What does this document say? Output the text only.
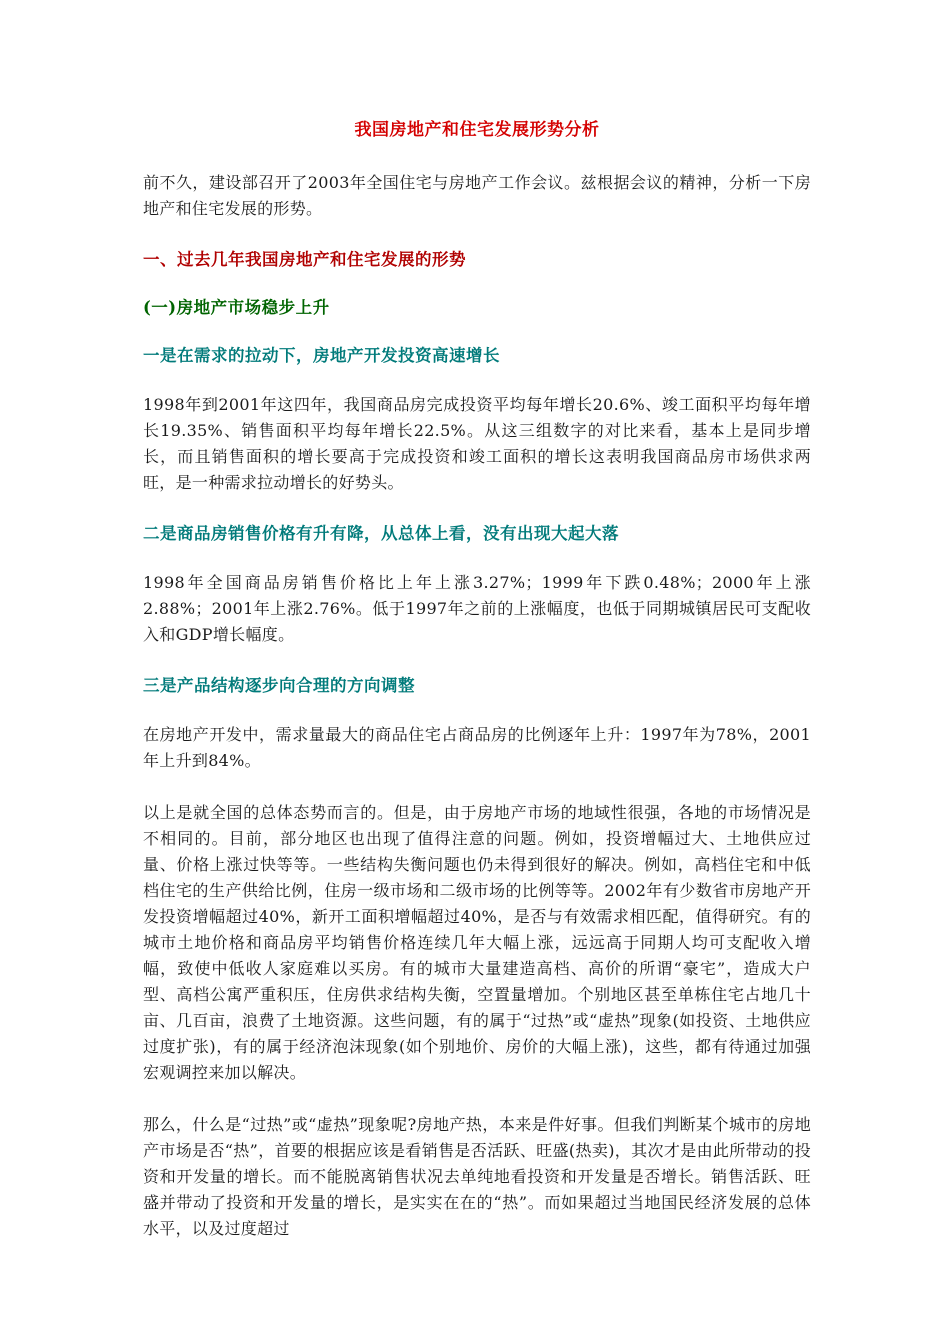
我国房地产和住宅发展形势分析

前不久，建设部召开了2003年全国住宅与房地产工作会议。兹根据会议的精神，分析一下房地产和住宅发展的形势。

一、过去几年我国房地产和住宅发展的形势
(一)房地产市场稳步上升
一是在需求的拉动下，房地产开发投资高速增长

1998年到2001年这四年，我国商品房完成投资平均每年增长20.6%、竣工面积平均每年增长19.35%、销售面积平均每年增长22.5%。从这三组数字的对比来看，基本上是同步增长，而且销售面积的增长要高于完成投资和竣工面积的增长这表明我国商品房市场供求两旺，是一种需求拉动增长的好势头。

二是商品房销售价格有升有降，从总体上看，没有出现大起大落

1998年全国商品房销售价格比上年上涨3.27%；1999年下跌0.48%；2000年上涨2.88%；2001年上涨2.76%。低于1997年之前的上涨幅度，也低于同期城镇居民可支配收入和GDP增长幅度。

三是产品结构逐步向合理的方向调整

在房地产开发中，需求量最大的商品住宅占商品房的比例逐年上升：1997年为78%，2001年上升到84%。

以上是就全国的总体态势而言的。但是，由于房地产市场的地域性很强，各地的市场情况是不相同的。目前，部分地区也出现了值得注意的问题。例如，投资增幅过大、土地供应过量、价格上涨过快等等。一些结构失衡问题也仍未得到很好的解决。例如，高档住宅和中低档住宅的生产供给比例，住房一级市场和二级市场的比例等等。2002年有少数省市房地产开发投资增幅超过40%，新开工面积增幅超过40%，是否与有效需求相匹配，值得研究。有的城市土地价格和商品房平均销售价格连续几年大幅上涨，远远高于同期人均可支配收入增幅，致使中低收人家庭难以买房。有的城市大量建造高档、高价的所谓“豪宅”，造成大户型、高档公寓严重积压，住房供求结构失衡，空置量增加。个别地区甚至单栋住宅占地几十亩、几百亩，浪费了土地资源。这些问题，有的属于“过热”或“虚热”现象(如投资、土地供应过度扩张)，有的属于经济泡沫现象(如个别地价、房价的大幅上涨)，这些，都有待通过加强宏观调控来加以解决。

那么，什么是“过热”或“虚热”现象呢?房地产热，本来是件好事。但我们判断某个城市的房地产市场是否“热”，首要的根据应该是看销售是否活跃、旺盛(热卖)，其次才是由此所带动的投资和开发量的增长。而不能脱离销售状况去单纯地看投资和开发量是否增长。销售活跃、旺盛并带动了投资和开发量的增长，是实实在在的“热”。而如果超过当地国民经济发展的总体水平，以及过度超过
